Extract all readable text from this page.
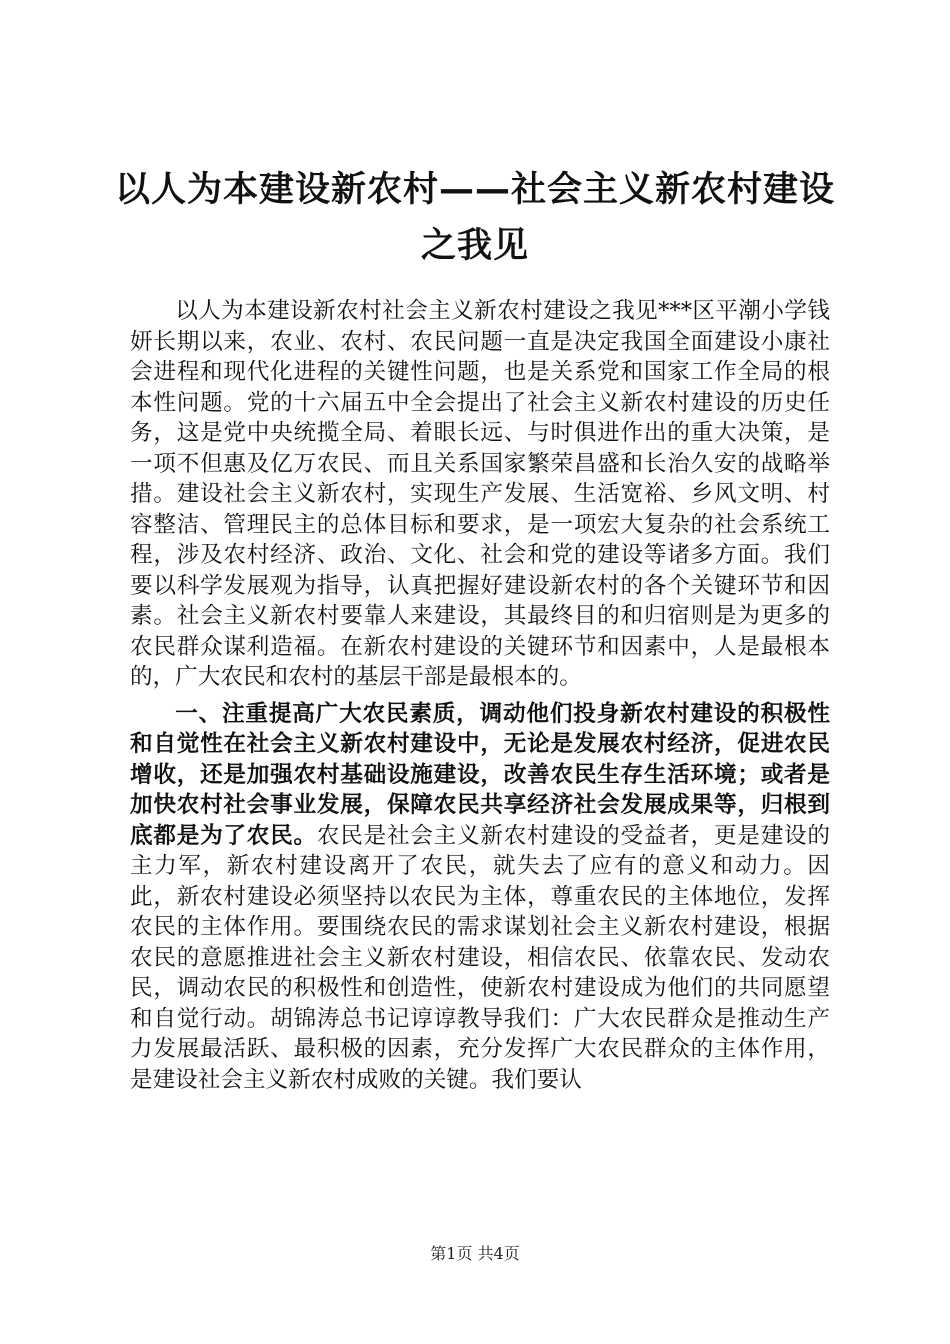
以人为本建设新农村——社会主义新农村建设
之我见

以人为本建设新农村社会主义新农村建设之我见***区平潮小学钱妍长期以来，农业、农村、农民问题一直是决定我国全面建设小康社会进程和现代化进程的关键性问题，也是关系党和国家工作全局的根本性问题。党的十六届五中全会提出了社会主义新农村建设的历史任务，这是党中央统揽全局、着眼长远、与时俱进作出的重大决策，是一项不但惠及亿万农民、而且关系国家繁荣昌盛和长治久安的战略举措。建设社会主义新农村，实现生产发展、生活宽裕、乡风文明、村容整洁、管理民主的总体目标和要求，是一项宏大复杂的社会系统工程，涉及农村经济、政治、文化、社会和党的建设等诸多方面。我们要以科学发展观为指导，认真把握好建设新农村的各个关键环节和因素。社会主义新农村要靠人来建设，其最终目的和归宿则是为更多的农民群众谋利造福。在新农村建设的关键环节和因素中，人是最根本的，广大农民和农村的基层干部是最根本的。

一、注重提高广大农民素质，调动他们投身新农村建设的积极性和自觉性在社会主义新农村建设中，无论是发展农村经济，促进农民增收，还是加强农村基础设施建设，改善农民生存生活环境；或者是加快农村社会事业发展，保障农民共享经济社会发展成果等，归根到底都是为了农民。农民是社会主义新农村建设的受益者，更是建设的主力军，新农村建设离开了农民，就失去了应有的意义和动力。因此，新农村建设必须坚持以农民为主体，尊重农民的主体地位，发挥农民的主体作用。要围绕农民的需求谋划社会主义新农村建设，根据农民的意愿推进社会主义新农村建设，相信农民、依靠农民、发动农民，调动农民的积极性和创造性，使新农村建设成为他们的共同愿望和自觉行动。胡锦涛总书记谆谆教导我们：广大农民群众是推动生产力发展最活跃、最积极的因素，充分发挥广大农民群众的主体作用，是建设社会主义新农村成败的关键。我们要认

第1页 共4页
